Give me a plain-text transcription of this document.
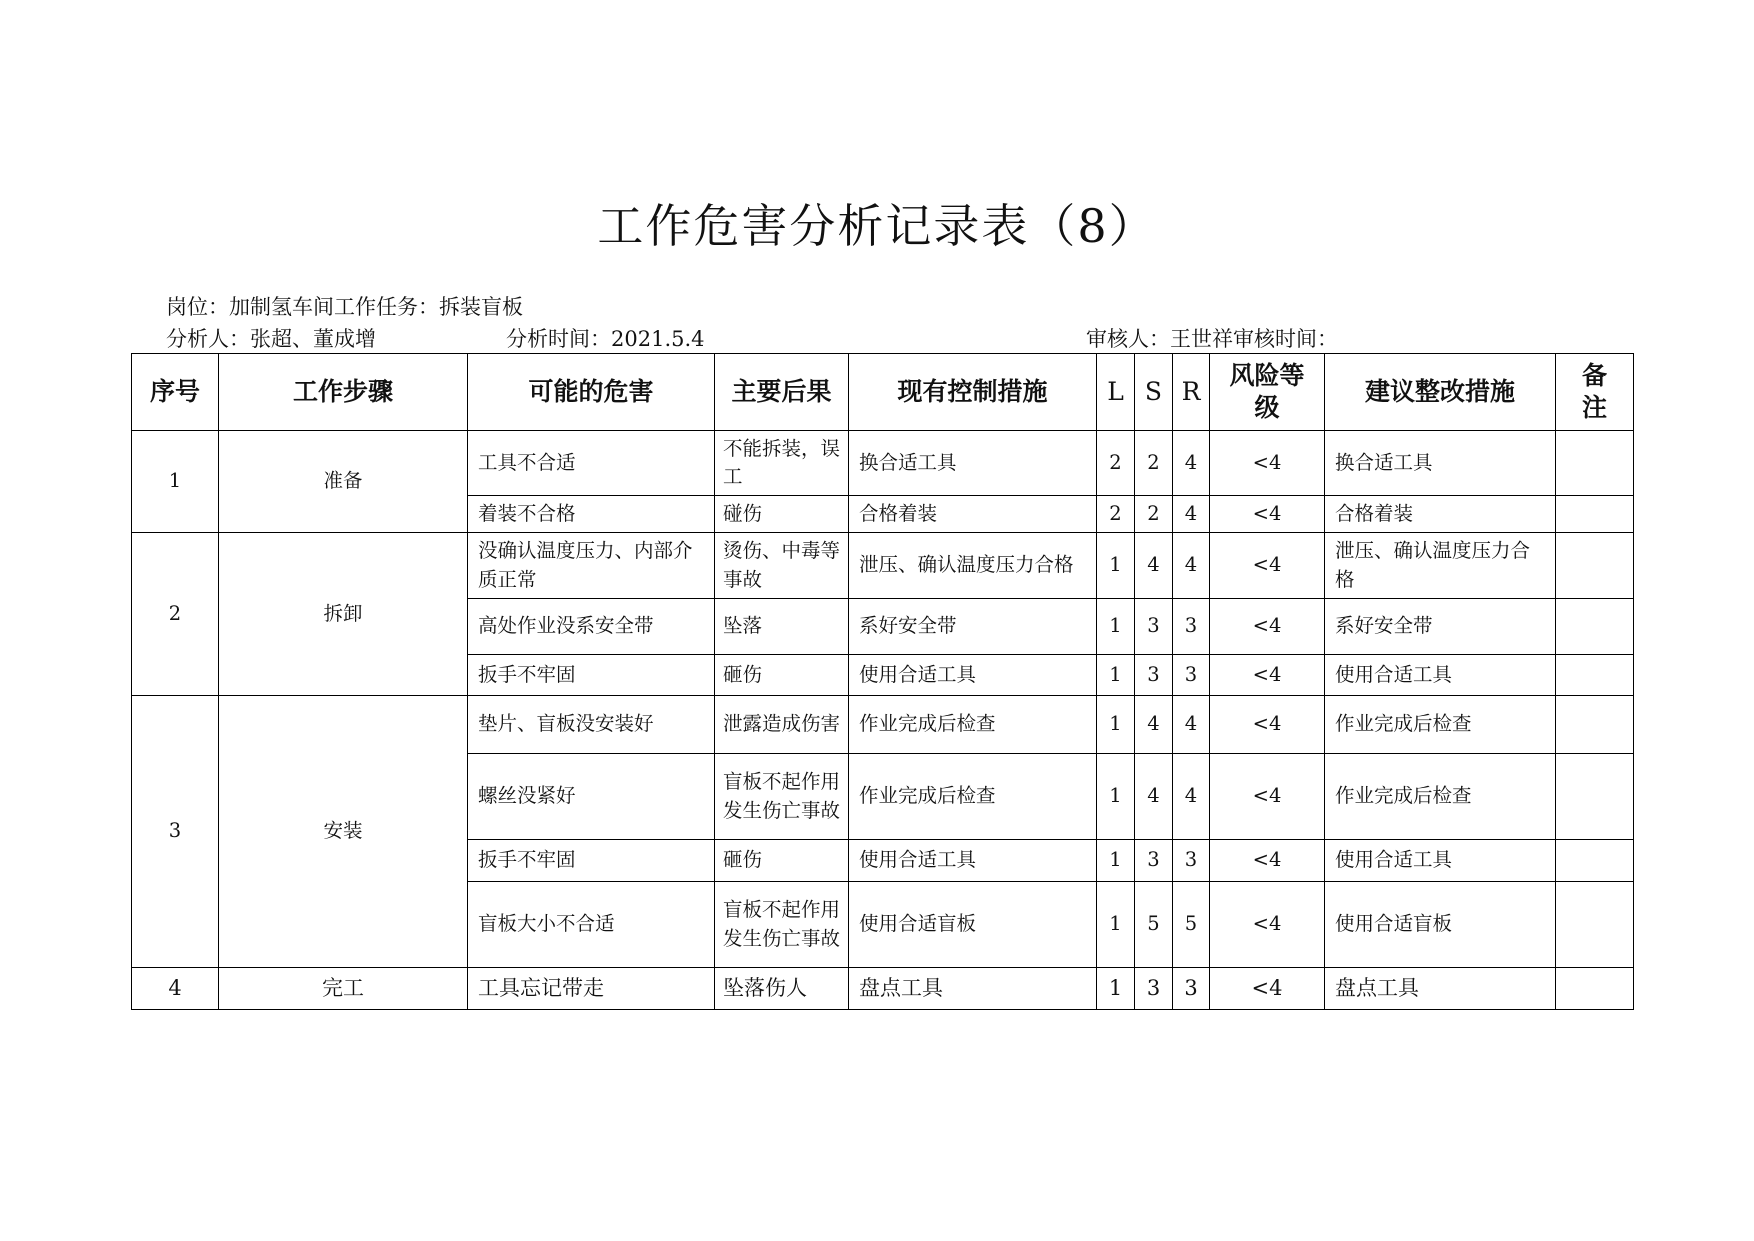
工作危害分析记录表（8）
岗位：加制氢车间工作任务：拆装盲板
分析人：张超、董成增	分析时间：2021.5.4	审核人：王世祥审核时间：
序号	工作步骤	可能的危害	主要后果	现有控制措施	L	S	R	风险等级	建议整改措施	备注
1	准备	工具不合适	不能拆装，误工	换合适工具	2	2	4	<4	换合适工具	
		着装不合格	碰伤	合格着装	2	2	4	<4	合格着装	
2	拆卸	没确认温度压力、内部介质正常	烫伤、中毒等事故	泄压、确认温度压力合格	1	4	4	<4	泄压、确认温度压力合格	
		高处作业没系安全带	坠落	系好安全带	1	3	3	<4	系好安全带	
		扳手不牢固	砸伤	使用合适工具	1	3	3	<4	使用合适工具	
3	安装	垫片、盲板没安装好	泄露造成伤害	作业完成后检查	1	4	4	<4	作业完成后检查	
		螺丝没紧好	盲板不起作用发生伤亡事故	作业完成后检查	1	4	4	<4	作业完成后检查	
		扳手不牢固	砸伤	使用合适工具	1	3	3	<4	使用合适工具	
		盲板大小不合适	盲板不起作用发生伤亡事故	使用合适盲板	1	5	5	<4	使用合适盲板	
4	完工	工具忘记带走	坠落伤人	盘点工具	1	3	3	<4	盘点工具	
